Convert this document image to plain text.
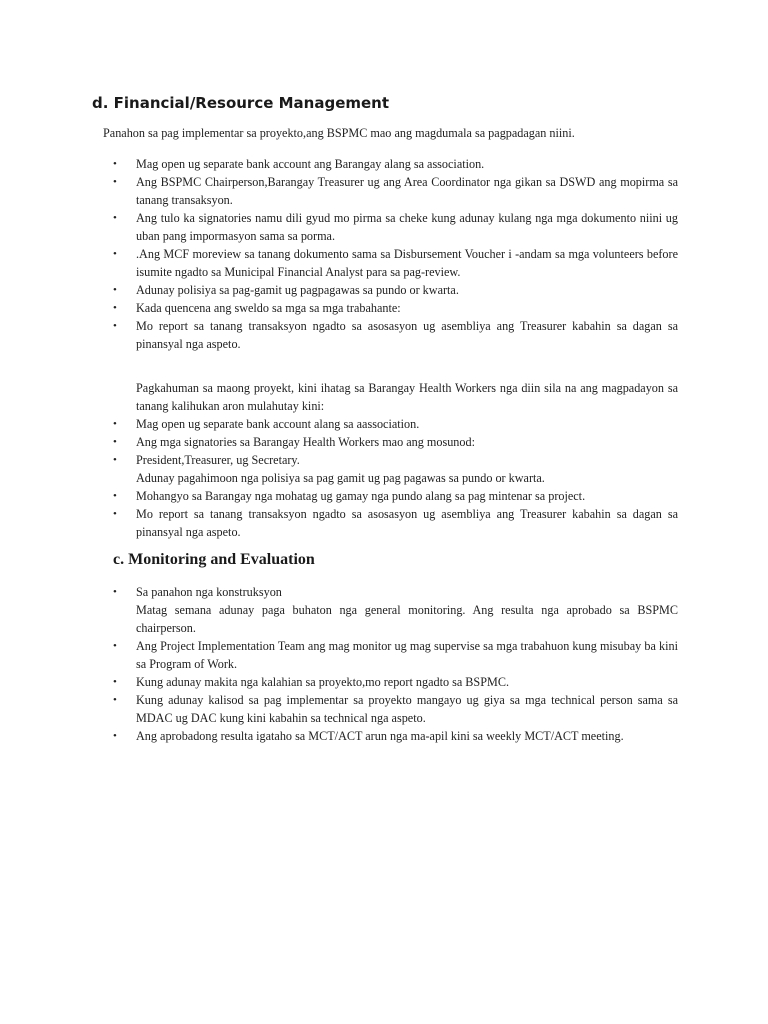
d. Financial/Resource Management
Panahon sa pag implementar sa proyekto,ang BSPMC mao ang magdumala sa pagpadagan niini.
• Mag open ug separate bank account ang Barangay alang sa association.
• Ang BSPMC Chairperson,Barangay Treasurer ug ang Area Coordinator nga gikan sa DSWD ang mopirma sa tanang transaksyon.
• Ang tulo ka signatories namu dili gyud mo pirma sa cheke kung adunay kulang nga mga dokumento niini ug uban pang impormasyon sama sa porma.
• .Ang MCF moreview sa tanang dokumento sama sa Disbursement Voucher i -andam sa mga volunteers before isumite ngadto sa Municipal Financial Analyst para sa pag-review.
• Adunay polisiya sa pag-gamit ug pagpagawas sa pundo or kwarta.
• Kada quencena ang sweldo sa mga sa mga trabahante:
• Mo report sa tanang transaksyon ngadto sa asosasyon ug asembliya ang Treasurer kabahin sa dagan sa pinansyal nga aspeto.
Pagkahuman sa maong proyekt, kini ihatag sa Barangay Health Workers nga diin sila na ang magpadayon sa tanang kalihukan aron mulahutay kini:
• Mag open ug separate bank account alang sa aassociation.
• Ang mga signatories sa Barangay Health Workers mao ang mosunod:
• President,Treasurer, ug Secretary.
Adunay pagahimoon nga polisiya sa pag gamit ug pag pagawas sa pundo or kwarta.
• Mohangyo sa Barangay nga mohatag ug gamay nga pundo alang sa pag mintenar sa project.
• Mo report sa tanang transaksyon ngadto sa asosasyon ug asembliya ang Treasurer kabahin sa dagan sa pinansyal nga aspeto.
c. Monitoring and Evaluation
• Sa panahon nga konstruksyon
Matag semana adunay paga buhaton nga general monitoring. Ang resulta nga aprobado sa BSPMC chairperson.
• Ang Project Implementation Team ang mag monitor ug mag supervise sa mga trabahuon kung misubay ba kini sa Program of Work.
• Kung adunay makita nga kalahian sa proyekto,mo report ngadto sa BSPMC.
• Kung adunay kalisod sa pag implementar sa proyekto mangayo ug giya sa mga technical person sama sa MDAC ug DAC kung kini kabahin sa technical nga aspeto.
• Ang aprobadong resulta igataho sa MCT/ACT arun nga ma-apil kini sa weekly MCT/ACT meeting.
